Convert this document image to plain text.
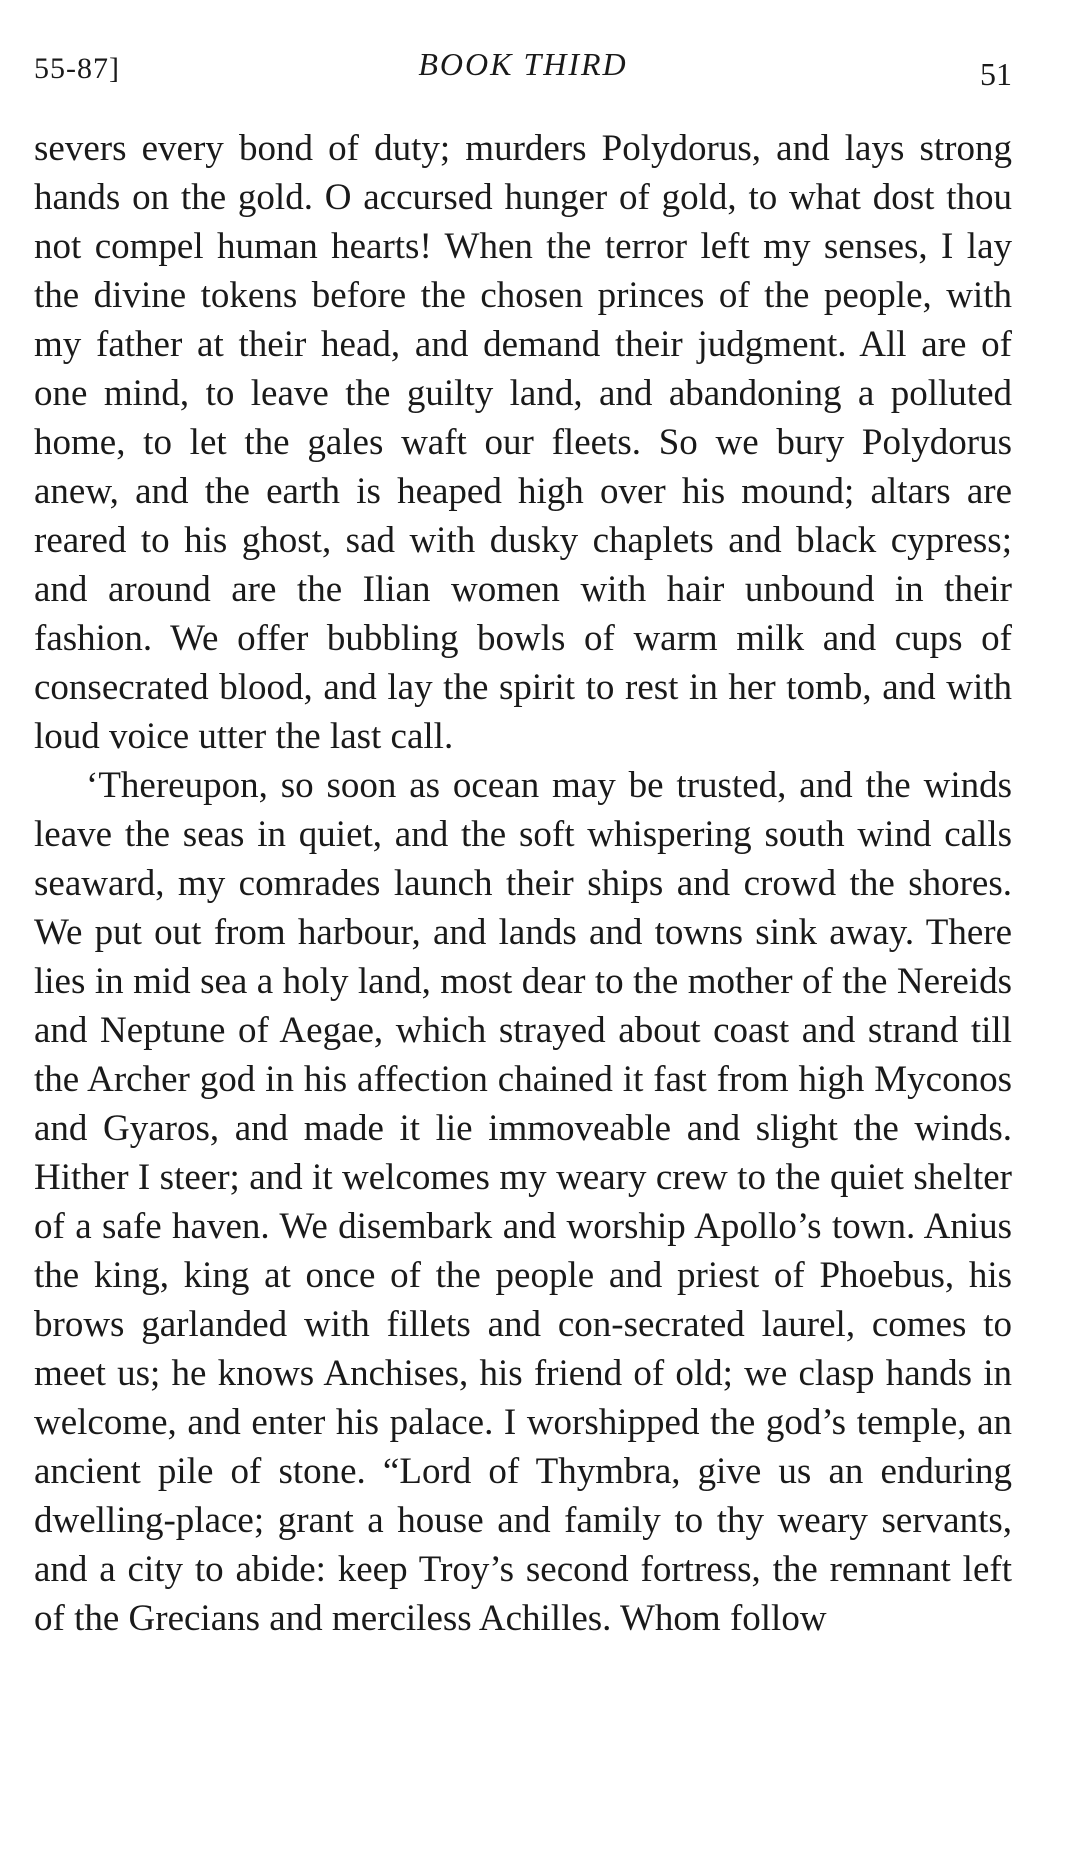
55-87]	BOOK THIRD	51

severs every bond of duty; murders Polydorus, and lays strong hands on the gold. O accursed hunger of gold, to what dost thou not compel human hearts! When the terror left my senses, I lay the divine tokens before the chosen princes of the people, with my father at their head, and demand their judgment. All are of one mind, to leave the guilty land, and abandoning a polluted home, to let the gales waft our fleets. So we bury Polydorus anew, and the earth is heaped high over his mound; altars are reared to his ghost, sad with dusky chaplets and black cypress; and around are the Ilian women with hair unbound in their fashion. We offer bubbling bowls of warm milk and cups of consecrated blood, and lay the spirit to rest in her tomb, and with loud voice utter the last call.

‘Thereupon, so soon as ocean may be trusted, and the winds leave the seas in quiet, and the soft whispering south wind calls seaward, my comrades launch their ships and crowd the shores. We put out from harbour, and lands and towns sink away. There lies in mid sea a holy land, most dear to the mother of the Nereids and Neptune of Aegae, which strayed about coast and strand till the Archer god in his affection chained it fast from high Myconos and Gyaros, and made it lie immoveable and slight the winds. Hither I steer; and it welcomes my weary crew to the quiet shelter of a safe haven. We disembark and worship Apollo’s town. Anius the king, king at once of the people and priest of Phoebus, his brows garlanded with fillets and con-secrated laurel, comes to meet us; he knows Anchises, his friend of old; we clasp hands in welcome, and enter his palace. I worshipped the god’s temple, an ancient pile of stone. “Lord of Thymbra, give us an enduring dwelling-place; grant a house and family to thy weary servants, and a city to abide: keep Troy’s second fortress, the remnant left of the Grecians and merciless Achilles. Whom follow
